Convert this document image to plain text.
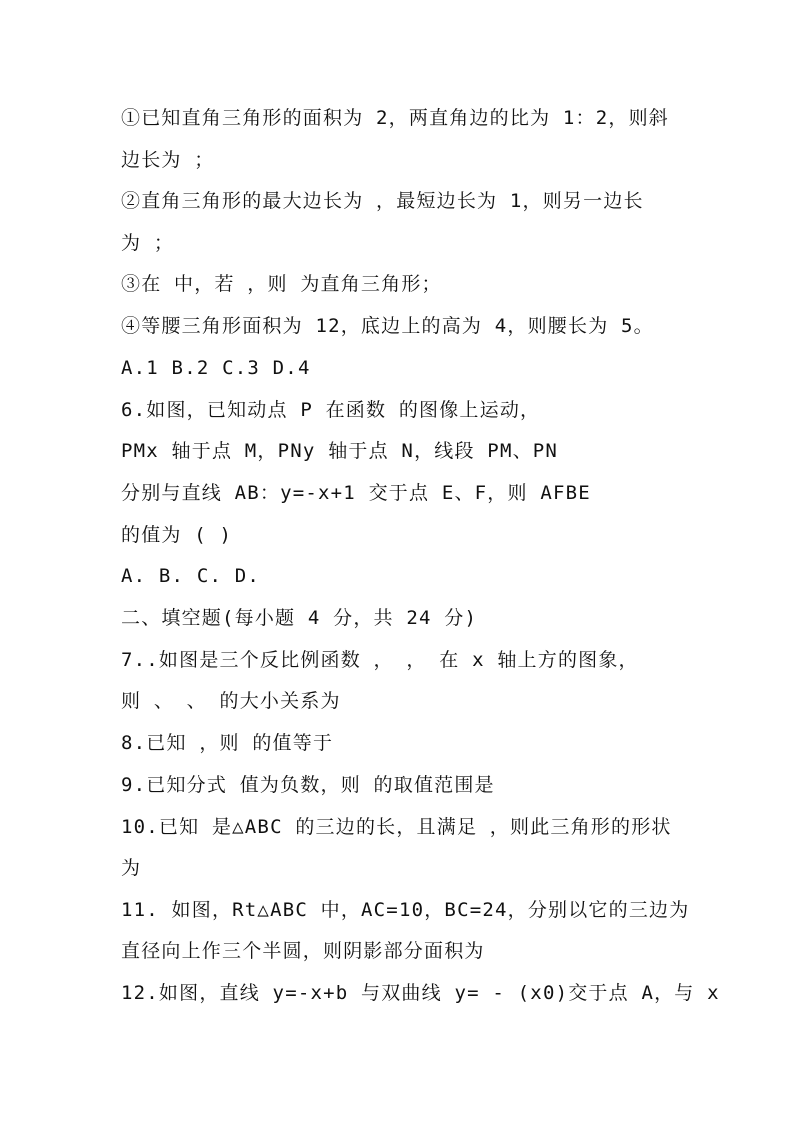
①已知直角三角形的面积为 2，两直角边的比为 1：2，则斜
边长为 ；
②直角三角形的最大边长为 ，最短边长为 1，则另一边长
为 ；
③在 中，若 ，则 为直角三角形；
④等腰三角形面积为 12，底边上的高为 4，则腰长为 5。
A.1 B.2 C.3 D.4
6.如图，已知动点 P 在函数 的图像上运动，
PMx 轴于点 M，PNy 轴于点 N，线段 PM、PN
分别与直线 AB：y=-x+1 交于点 E、F，则 AFBE
的值为 ( )
A. B. C. D.
二、填空题(每小题 4 分，共 24 分)
7..如图是三个反比例函数 ， ， 在 x 轴上方的图象，
则 、 、 的大小关系为
8.已知 ，则 的值等于
9.已知分式 值为负数，则 的取值范围是
10.已知 是△ABC 的三边的长，且满足 ，则此三角形的形状
为
11. 如图，Rt△ABC 中，AC=10，BC=24，分别以它的三边为
直径向上作三个半圆，则阴影部分面积为
12.如图，直线 y=-x+b 与双曲线 y= - (x0)交于点 A，与 x
